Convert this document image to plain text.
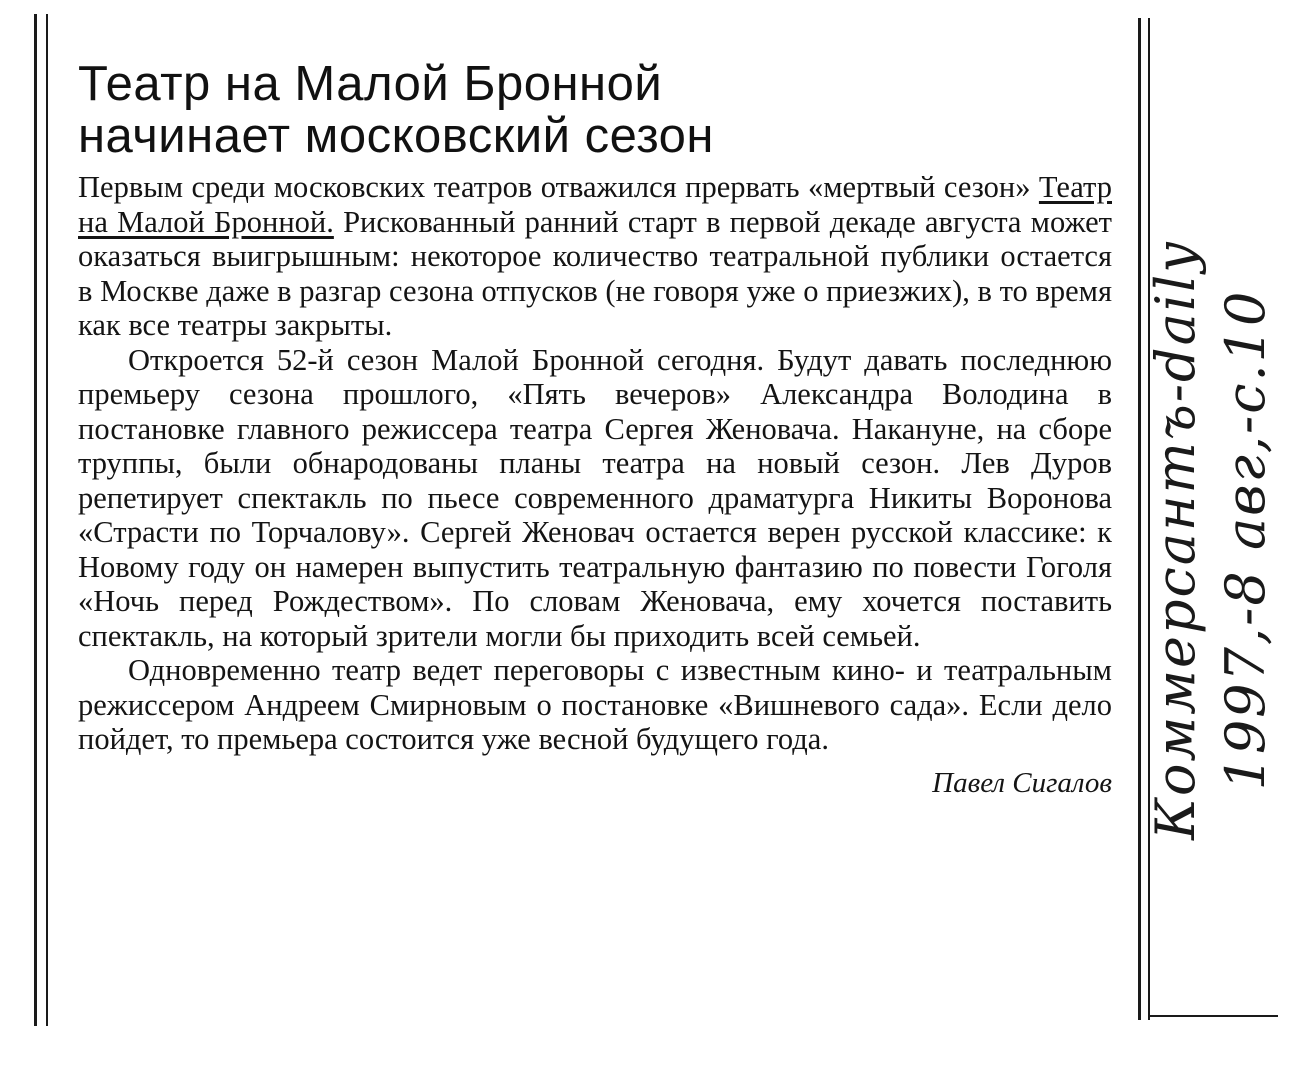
Театр на Малой Бронной
начинает московский сезон

Первым среди московских театров отважился прервать «мертвый сезон» Театр на Малой Бронной. Рискованный ранний старт в первой декаде августа может оказаться выигрышным: некоторое количество театральной публики остается в Москве даже в разгар сезона отпусков (не говоря уже о приезжих), в то время как все театры закрыты.

Откроется 52-й сезон Малой Бронной сегодня. Будут давать последнюю премьеру сезона прошлого, «Пять вечеров» Александра Володина в постановке главного режиссера театра Сергея Женовача. Накануне, на сборе труппы, были обнародованы планы театра на новый сезон. Лев Дуров репетирует спектакль по пьесе современного драматурга Никиты Воронова «Страсти по Торчалову». Сергей Женовач остается верен русской классике: к Новому году он намерен выпустить театральную фантазию по повести Гоголя «Ночь перед Рождеством». По словам Женовача, ему хочется поставить спектакль, на который зрители могли бы приходить всей семьей.

Одновременно театр ведет переговоры с известным кино- и театральным режиссером Андреем Смирновым о постановке «Вишневого сада». Если дело пойдет, то премьера состоится уже весной будущего года.

Павел Сигалов Коммерсантъ-daily 1997,-8 авг,-с.10
